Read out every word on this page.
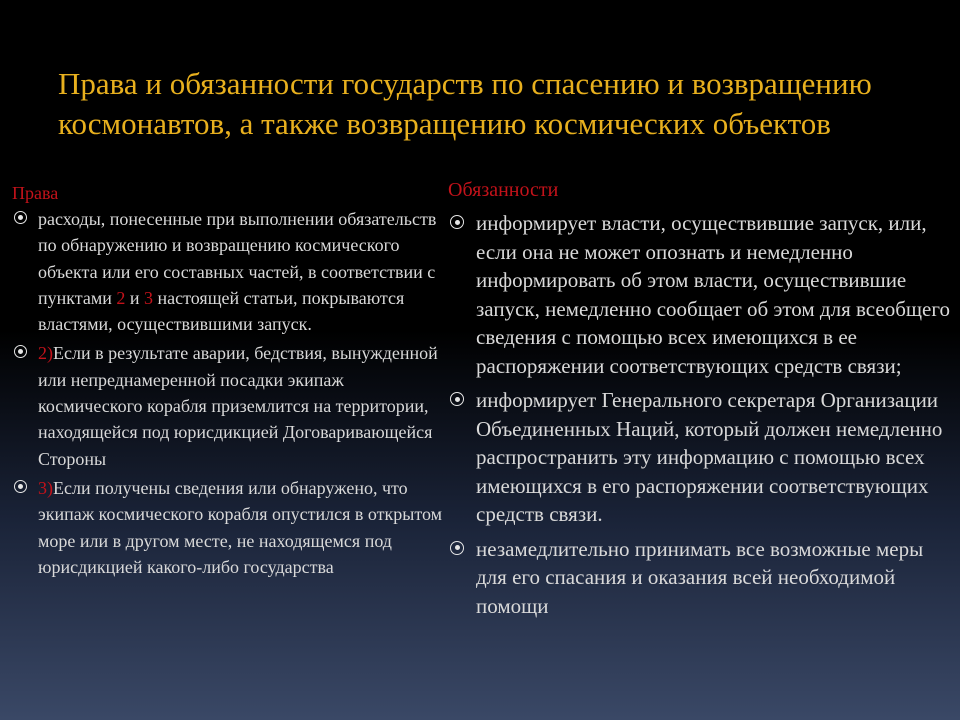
Права и обязанности государств по спасению и возвращению космонавтов, а также возвращению космических объектов

Права

расходы, понесенные при выполнении обязательств по обнаружению и возвращению космического объекта или его составных частей, в соответствии с пунктами 2 и 3 настоящей статьи, покрываются властями, осуществившими запуск.
2)Если в результате аварии, бедствия, вынужденной или непреднамеренной посадки экипаж космического корабля приземлится на территории, находящейся под юрисдикцией Договаривающейся Стороны
3)Если получены сведения или обнаружено, что экипаж космического корабля опустился в открытом море или в другом месте, не находящемся под юрисдикцией какого-либо государства

Обязанности

информирует власти, осуществившие запуск, или, если она не может опознать и немедленно информировать об этом власти, осуществившие запуск, немедленно сообщает об этом для всеобщего сведения с помощью всех имеющихся в ее распоряжении соответствующих средств связи;
информирует Генерального секретаря Организации Объединенных Наций, который должен немедленно распространить эту информацию с помощью всех имеющихся в его распоряжении соответствующих средств связи.
незамедлительно принимать все возможные меры для его спасания и оказания всей необходимой помощи
